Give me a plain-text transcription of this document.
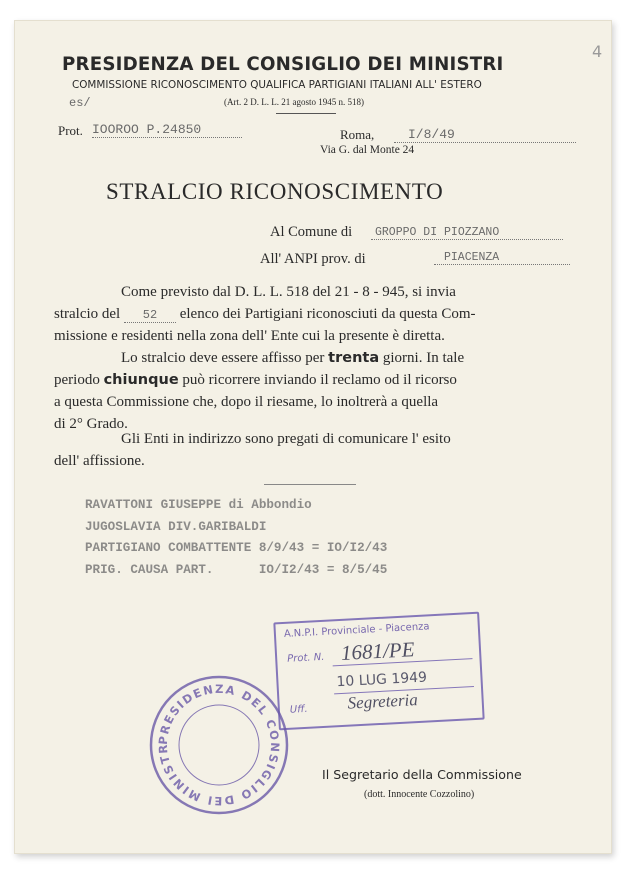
4
PRESIDENZA DEL CONSIGLIO DEI MINISTRI
COMMISSIONE RICONOSCIMENTO QUALIFICA PARTIGIANI ITALIANI ALL' ESTERO
(Art. 2 D. L. L. 21 agosto 1945 n. 518)
es/
Prot. IOOROO P.24850	Roma,	I/8/49
Via G. dal Monte 24
STRALCIO RICONOSCIMENTO
Al Comune di	GROPPO DI PIOZZANO
All' ANPI prov. di	PIACENZA
Come previsto dal D. L. L. 518 del 21 - 8 - 945, si invia
stralcio del 52 elenco dei Partigiani riconosciuti da questa Com-
missione e residenti nella zona dell' Ente cui la presente è diretta.
Lo stralcio deve essere affisso per trenta giorni. In tale
periodo chiunque può ricorrere inviando il reclamo od il ricorso
a questa Commissione che, dopo il riesame, lo inoltrerà a quella
di 2° Grado.
Gli Enti in indirizzo sono pregati di comunicare l' esito
dell' affissione.
RAVATTONI GIUSEPPE di Abbondio
JUGOSLAVIA DIV.GARIBALDI
PARTIGIANO COMBATTENTE 8/9/43 = IO/I2/43
PRIG. CAUSA PART.      IO/I2/43 = 8/5/45
A.N.P.I. Provinciale - Piacenza
Prot. N. 1681/PE
10 LUG 1949
Uff. Segreteria
PRESIDENZA DEL CONSIGLIO DEI MINISTR
Il Segretario della Commissione
(dott. Innocente Cozzolino)
